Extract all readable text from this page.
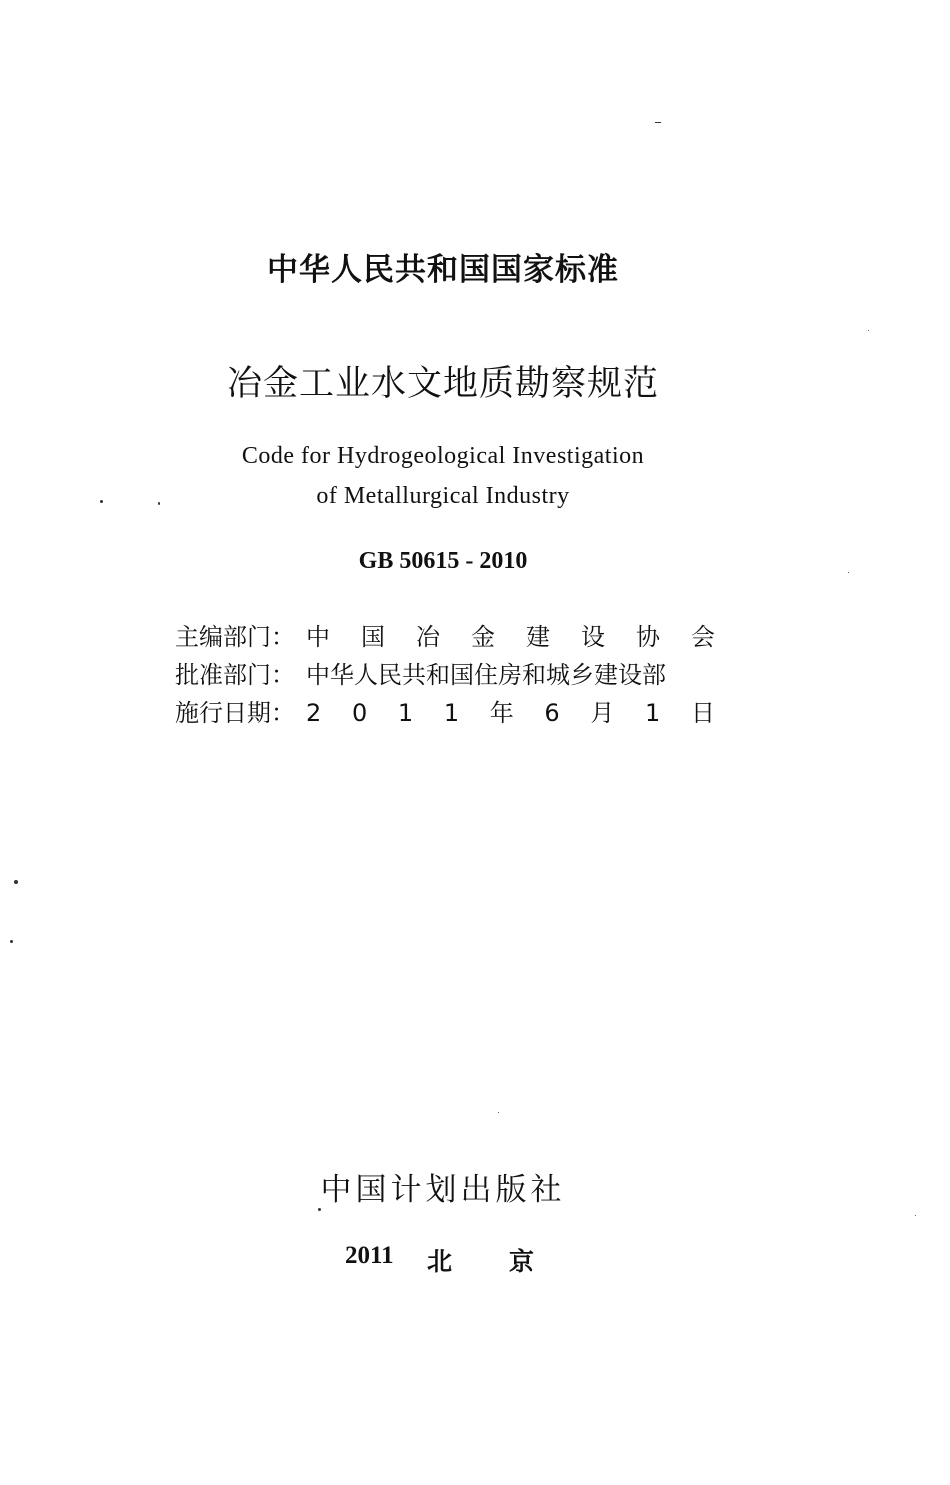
中华人民共和国国家标准
冶金工业水文地质勘察规范
Code for Hydrogeological Investigation
of Metallurgical Industry
GB 50615 - 2010
主编部门： 中 国 冶 金 建 设 协 会
批准部门： 中华人民共和国住房和城乡建设部
施行日期： 2 0 1 1 年 6 月 1 日
中国计划出版社
2011	北	京
